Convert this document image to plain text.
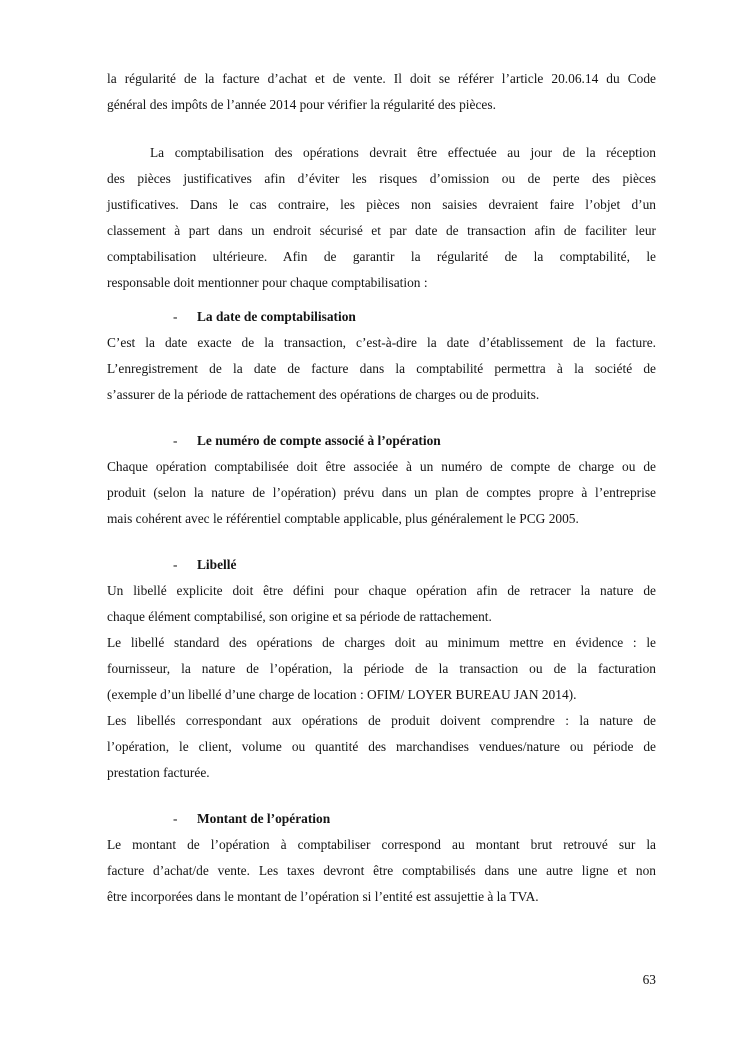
la régularité de la facture d’achat et de vente. Il doit se référer l’article 20.06.14 du Code

général des impôts de l’année 2014 pour vérifier la régularité des pièces.

La comptabilisation des opérations devrait être effectuée au jour de la réception

des pièces justificatives afin d’éviter les risques d’omission ou de perte des pièces

justificatives. Dans le cas contraire, les pièces non saisies devraient faire l’objet d’un

classement à part dans un endroit sécurisé et par date de transaction afin de faciliter leur

comptabilisation ultérieure. Afin de garantir la régularité de la comptabilité, le

responsable doit mentionner pour chaque comptabilisation :

- La date de comptabilisation

C’est la date exacte de la transaction, c’est-à-dire la date d’établissement de la facture.

L’enregistrement de la date de facture dans la comptabilité permettra à la société de

s’assurer de la période de rattachement des opérations de charges ou de produits.

- Le numéro de compte associé à l’opération

Chaque opération comptabilisée doit être associée à un numéro de compte de charge ou de

produit (selon la nature de l’opération) prévu dans un plan de comptes propre à l’entreprise

mais cohérent avec le référentiel comptable applicable, plus généralement le PCG 2005.

- Libellé

Un libellé explicite doit être défini pour chaque opération afin de retracer la nature de

chaque élément comptabilisé, son origine et sa période de rattachement.

Le libellé standard des opérations de charges doit au minimum mettre en évidence : le

fournisseur, la nature de l’opération, la période de la transaction ou de la facturation

(exemple d’un libellé d’une charge de location : OFIM/ LOYER BUREAU JAN 2014).

Les libellés correspondant aux opérations de produit doivent comprendre : la nature de

l’opération, le client, volume ou quantité des marchandises vendues/nature ou période de

prestation facturée.

- Montant de l’opération

Le montant de l’opération à comptabiliser correspond au montant brut retrouvé sur la

facture d’achat/de vente. Les taxes devront être comptabilisés dans une autre ligne et non

être incorporées dans le montant de l’opération si l’entité est assujettie à la TVA.

63
